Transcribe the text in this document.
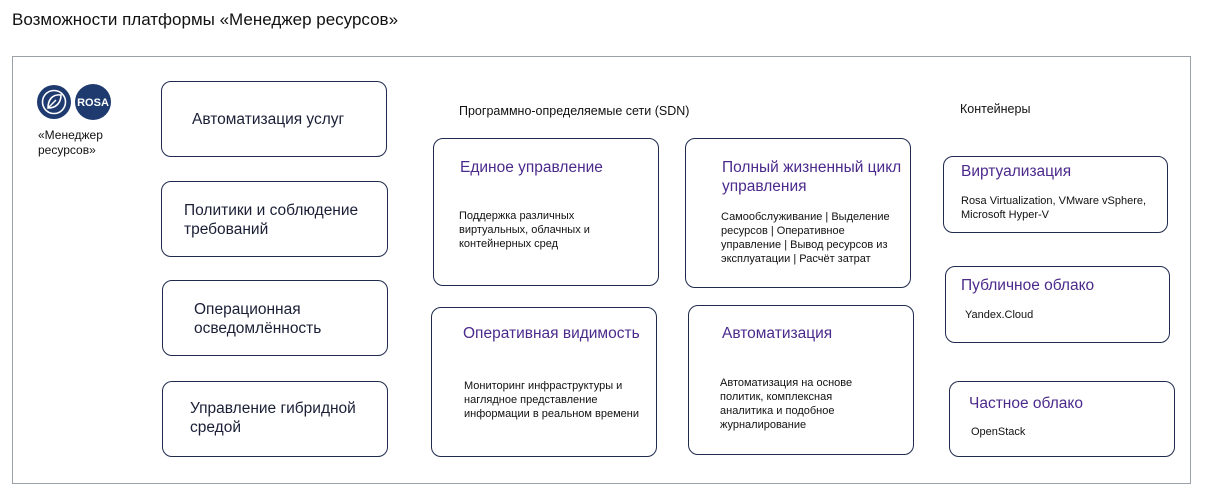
Возможности платформы «Менеджер ресурсов»
ROSA
«Менеджер ресурсов»
Автоматизация услуг
Политики и соблюдение требований
Операционная осведомлённость
Управление гибридной средой
Программно-определяемые сети (SDN)
Единое управление
Поддержка различных виртуальных, облачных и контейнерных сред
Полный жизненный цикл управления
Самообслуживание | Выделение ресурсов | Оперативное управление | Вывод ресурсов из эксплуатации | Расчёт затрат
Оперативная видимость
Мониторинг инфраструктуры и наглядное представление информации в реальном времени
Автоматизация
Автоматизация на основе политик, комплексная аналитика и подобное журналирование
Контейнеры
Виртуализация
Rosa Virtualization, VMware vSphere, Microsoft Hyper-V
Публичное облако
Yandex.Cloud
Частное облако
OpenStack
